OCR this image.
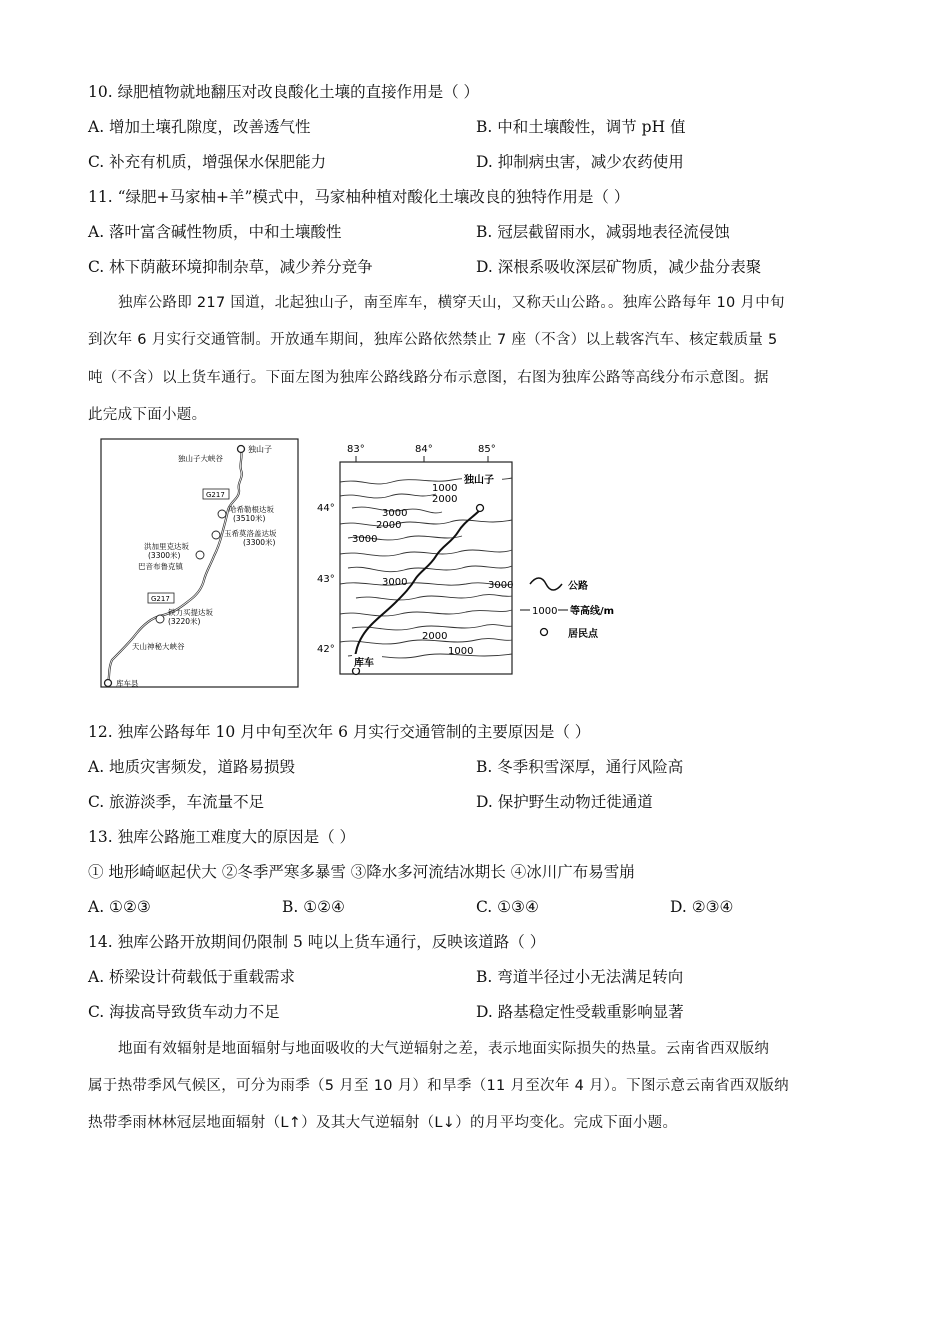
10. 绿肥植物就地翻压对改良酸化土壤的直接作用是（ ）
A. 增加土壤孔隙度，改善透气性	B. 中和土壤酸性，调节 pH 值
C. 补充有机质，增强保水保肥能力	D. 抑制病虫害，减少农药使用
11. “绿肥+马家柚+羊”模式中，马家柚种植对酸化土壤改良的独特作用是（ ）
A. 落叶富含碱性物质，中和土壤酸性	B. 冠层截留雨水，减弱地表径流侵蚀
C. 林下荫蔽环境抑制杂草，减少养分竞争	D. 深根系吸收深层矿物质，减少盐分表聚
独库公路即 217 国道，北起独山子，南至库车，横穿天山，又称天山公路。。独库公路每年 10 月中旬
到次年 6 月实行交通管制。开放通车期间，独库公路依然禁止 7 座（不含）以上载客汽车、核定载质量 5
吨（不含）以上货车通行。下面左图为独库公路线路分布示意图，右图为独库公路等高线分布示意图。据
此完成下面小题。
独山子
独山子大峡谷
G217
哈希勒根达坂
(3510米)
玉希莫洛盖达坂
(3300米)
洪加里克达坂
(3300米)
巴音布鲁克镇
G217
铁力买提达坂
(3220米)
天山神秘大峡谷
库车县
83°	84°	85°
44°
43°
42°
独山子
库车
1000
2000
3000
2000
3000
3000	3000
2000
1000
公路
1000 等高线/m
居民点
12. 独库公路每年 10 月中旬至次年 6 月实行交通管制的主要原因是（ ）
A. 地质灾害频发，道路易损毁	B. 冬季积雪深厚，通行风险高
C. 旅游淡季，车流量不足	D. 保护野生动物迁徙通道
13. 独库公路施工难度大的原因是（ ）
① 地形崎岖起伏大 ②冬季严寒多暴雪 ③降水多河流结冰期长 ④冰川广布易雪崩
A. ①②③	B. ①②④	C. ①③④	D. ②③④
14. 独库公路开放期间仍限制 5 吨以上货车通行，反映该道路（ ）
A. 桥梁设计荷载低于重载需求	B. 弯道半径过小无法满足转向
C. 海拔高导致货车动力不足	D. 路基稳定性受载重影响显著
地面有效辐射是地面辐射与地面吸收的大气逆辐射之差，表示地面实际损失的热量。云南省西双版纳
属于热带季风气候区，可分为雨季（5 月至 10 月）和旱季（11 月至次年 4 月）。下图示意云南省西双版纳
热带季雨林林冠层地面辐射（L↑）及其大气逆辐射（L↓）的月平均变化。完成下面小题。
